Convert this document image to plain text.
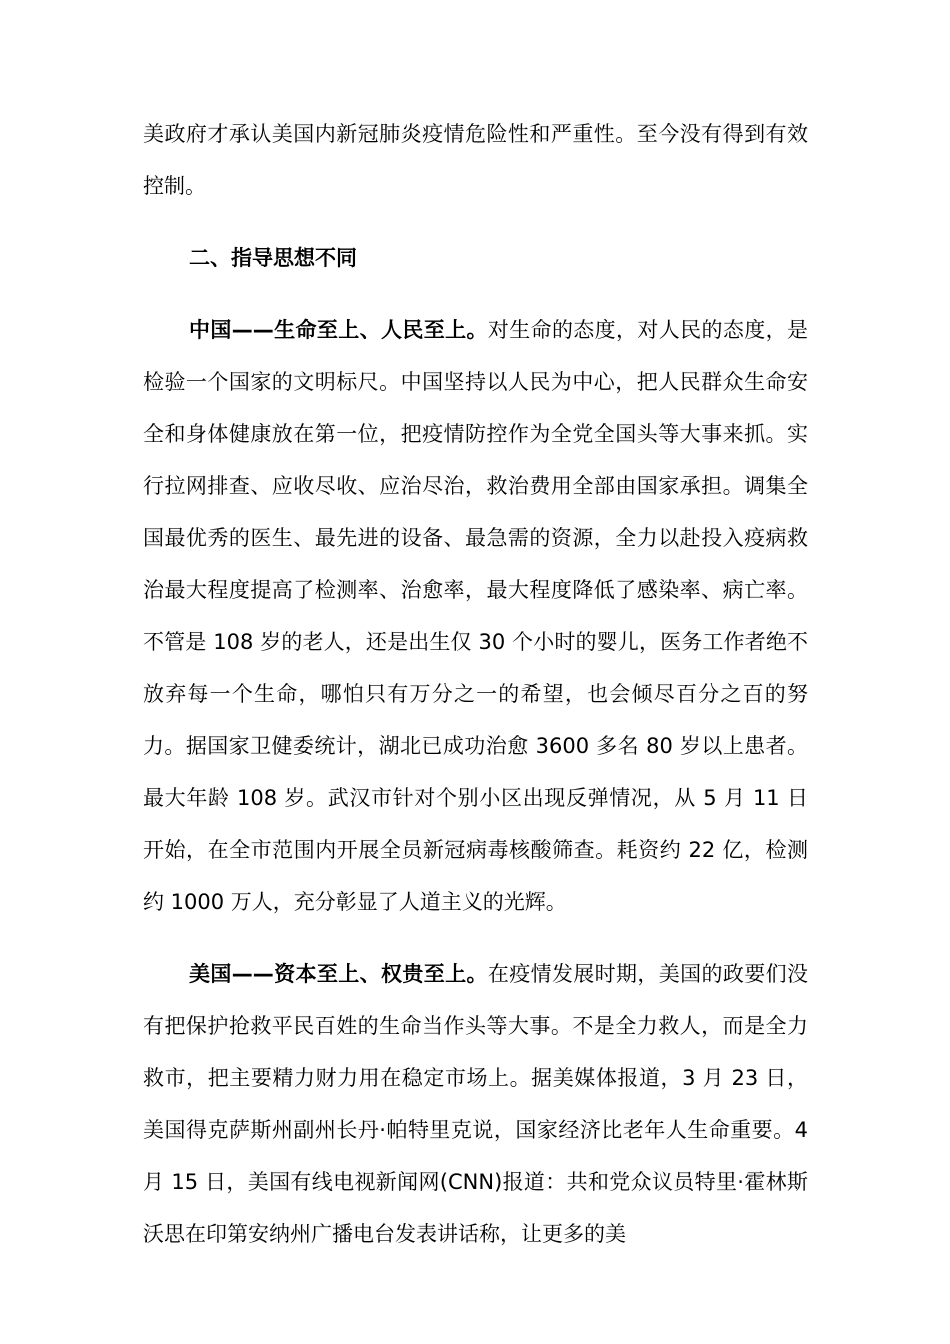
美政府才承认美国内新冠肺炎疫情危险性和严重性。至今没有得到有效控制。

二、指导思想不同

中国——生命至上、人民至上。对生命的态度，对人民的态度，是检验一个国家的文明标尺。中国坚持以人民为中心，把人民群众生命安全和身体健康放在第一位，把疫情防控作为全党全国头等大事来抓。实行拉网排查、应收尽收、应治尽治，救治费用全部由国家承担。调集全国最优秀的医生、最先进的设备、最急需的资源，全力以赴投入疫病救治最大程度提高了检测率、治愈率，最大程度降低了感染率、病亡率。不管是 108 岁的老人，还是出生仅 30 个小时的婴儿，医务工作者绝不放弃每一个生命，哪怕只有万分之一的希望，也会倾尽百分之百的努力。据国家卫健委统计，湖北已成功治愈 3600 多名 80 岁以上患者。最大年龄 108 岁。武汉市针对个别小区出现反弹情况，从 5 月 11 日开始，在全市范围内开展全员新冠病毒核酸筛查。耗资约 22 亿，检测约 1000 万人，充分彰显了人道主义的光辉。

美国——资本至上、权贵至上。在疫情发展时期，美国的政要们没有把保护抢救平民百姓的生命当作头等大事。不是全力救人，而是全力救市，把主要精力财力用在稳定市场上。据美媒体报道，3 月 23 日，美国得克萨斯州副州长丹·帕特里克说，国家经济比老年人生命重要。4 月 15 日，美国有线电视新闻网(CNN)报道：共和党众议员特里·霍林斯沃思在印第安纳州广播电台发表讲话称，让更多的美
